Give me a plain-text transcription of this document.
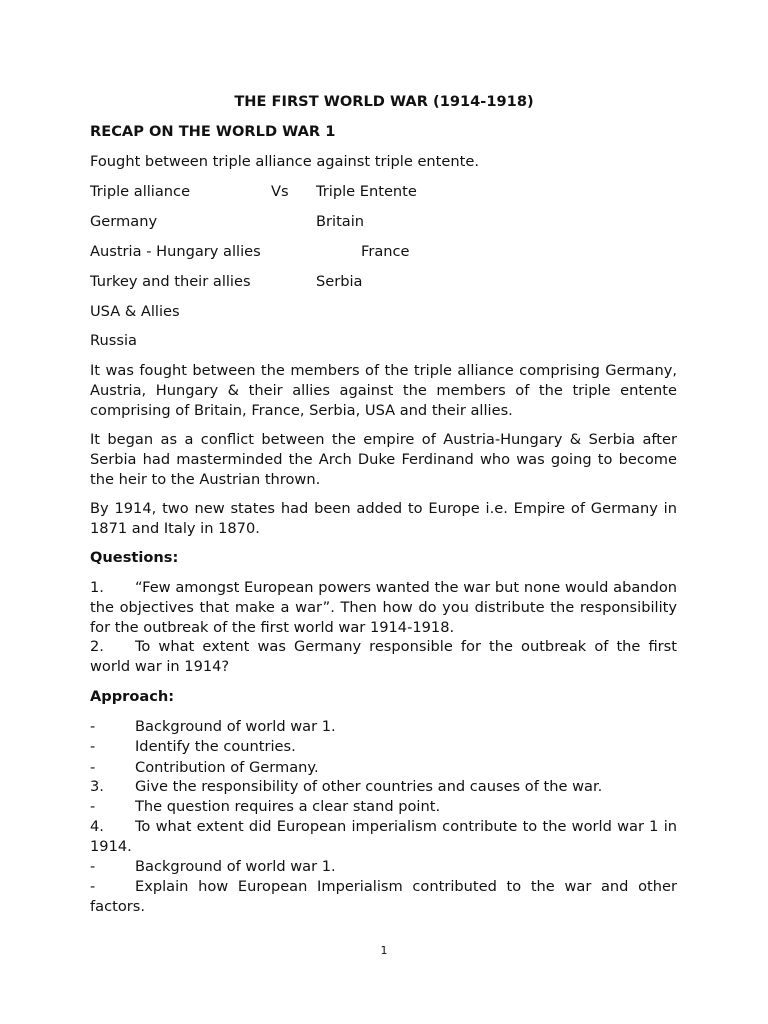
THE FIRST WORLD WAR (1914-1918)
RECAP ON THE WORLD WAR 1
Fought between triple alliance against triple entente.
Triple alliance	Vs Triple Entente
Germany	Britain
Austria - Hungary allies	France
Turkey and their allies	Serbia
USA & Allies
Russia
It was fought between the members of the triple alliance comprising Germany, Austria, Hungary & their allies against the members of the triple entente comprising of Britain, France, Serbia, USA and their allies.
It began as a conflict between the empire of Austria-Hungary & Serbia after Serbia had masterminded the Arch Duke Ferdinand who was going to become the heir to the Austrian thrown.
By 1914, two new states had been added to Europe i.e. Empire of Germany in 1871 and Italy in 1870.
Questions:
1. “Few amongst European powers wanted the war but none would abandon the objectives that make a war”. Then how do you distribute the responsibility for the outbreak of the first world war 1914-1918.
2. To what extent was Germany responsible for the outbreak of the first world war in 1914?
Approach:
-	Background of world war 1.
-	Identify the countries.
-	Contribution of Germany.
3. Give the responsibility of other countries and causes of the war.
-	The question requires a clear stand point.
4. To what extent did European imperialism contribute to the world war 1 in 1914.
-	Background of world war 1.
-	Explain how European Imperialism contributed to the war and other factors.
1
